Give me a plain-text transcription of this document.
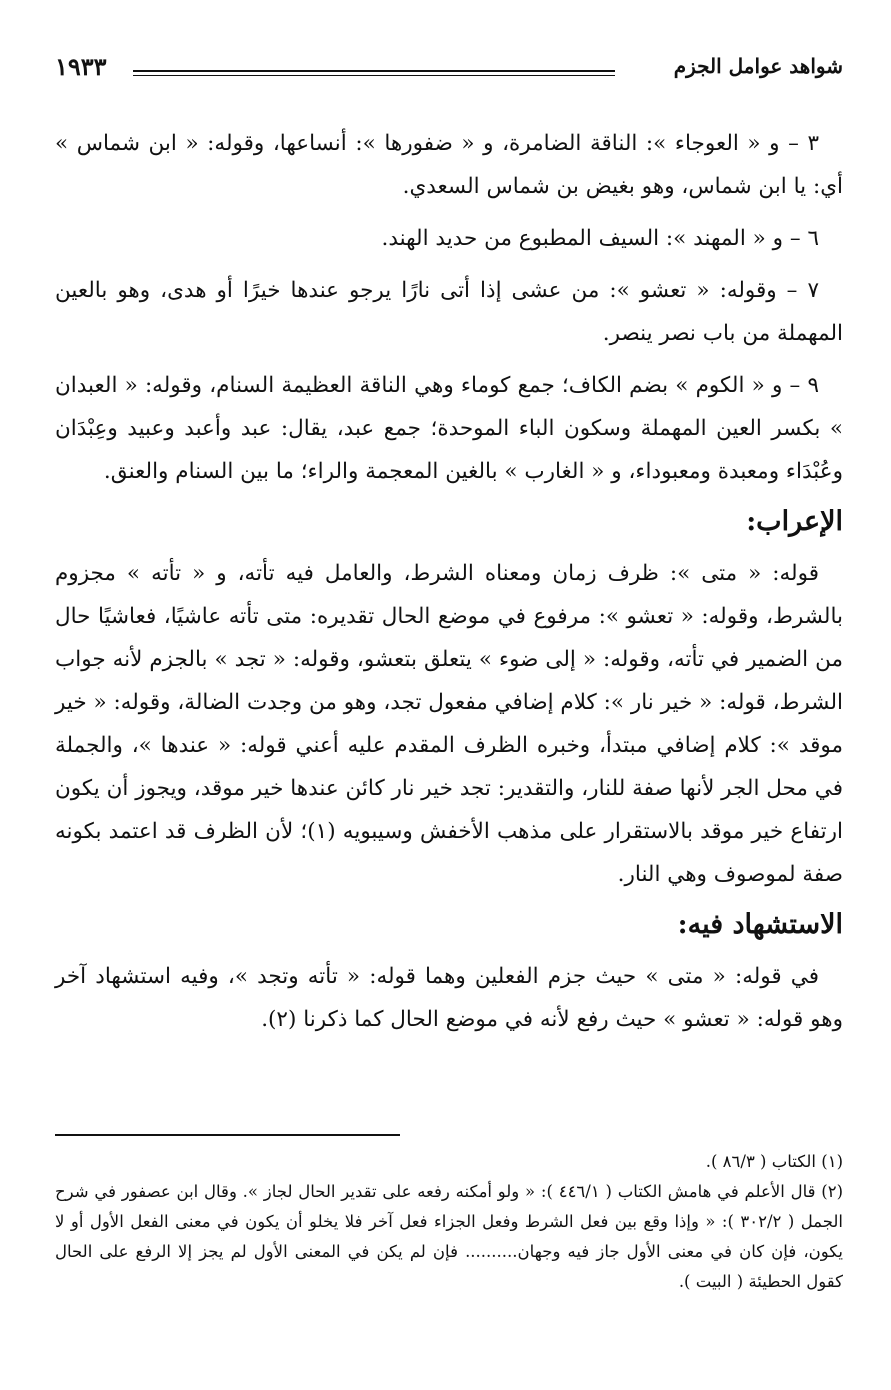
شواهد عوامل الجزم
١٩٣٣

٣ – و « العوجاء »: الناقة الضامرة، و « ضفورها »: أنساعها، وقوله: « ابن شماس » أي: يا ابن شماس، وهو بغيض بن شماس السعدي.

٦ – و « المهند »: السيف المطبوع من حديد الهند.

٧ – وقوله: « تعشو »: من عشى إذا أتى نارًا يرجو عندها خيرًا أو هدى، وهو بالعين المهملة من باب نصر ينصر.

٩ – و « الكوم » بضم الكاف؛ جمع كوماء وهي الناقة العظيمة السنام، وقوله: « العبدان » بكسر العين المهملة وسكون الباء الموحدة؛ جمع عبد، يقال: عبد وأعبد وعبيد وعِبْدَان وعُبْدَاء ومعبدة ومعبوداء، و « الغارب » بالغين المعجمة والراء؛ ما بين السنام والعنق.

الإعراب:

قوله: « متى »: ظرف زمان ومعناه الشرط، والعامل فيه تأته، و « تأته » مجزوم بالشرط، وقوله: « تعشو »: مرفوع في موضع الحال تقديره: متى تأته عاشيًا، فعاشيًا حال من الضمير في تأته، وقوله: « إلى ضوء » يتعلق بتعشو، وقوله: « تجد » بالجزم لأنه جواب الشرط، قوله: « خير نار »: كلام إضافي مفعول تجد، وهو من وجدت الضالة، وقوله: « خير موقد »: كلام إضافي مبتدأ، وخبره الظرف المقدم عليه أعني قوله: « عندها »، والجملة في محل الجر لأنها صفة للنار، والتقدير: تجد خير نار كائن عندها خير موقد، ويجوز أن يكون ارتفاع خير موقد بالاستقرار على مذهب الأخفش وسيبويه (١)؛ لأن الظرف قد اعتمد بكونه صفة لموصوف وهي النار.

الاستشهاد فيه:

في قوله: « متى » حيث جزم الفعلين وهما قوله: « تأته وتجد »، وفيه استشهاد آخر وهو قوله: « تعشو » حيث رفع لأنه في موضع الحال كما ذكرنا (٢).

(١) الكتاب ( ٨٦/٣ ).

(٢) قال الأعلم في هامش الكتاب ( ٤٤٦/١ ): « ولو أمكنه رفعه على تقدير الحال لجاز ». وقال ابن عصفور في شرح الجمل ( ٣٠٢/٢ ): « وإذا وقع بين فعل الشرط وفعل الجزاء فعل آخر فلا يخلو أن يكون في معنى الفعل الأول أو لا يكون، فإن كان في معنى الأول جاز فيه وجهان.......... فإن لم يكن في المعنى الأول لم يجز إلا الرفع على الحال كقول الحطيئة ( البيت ).
